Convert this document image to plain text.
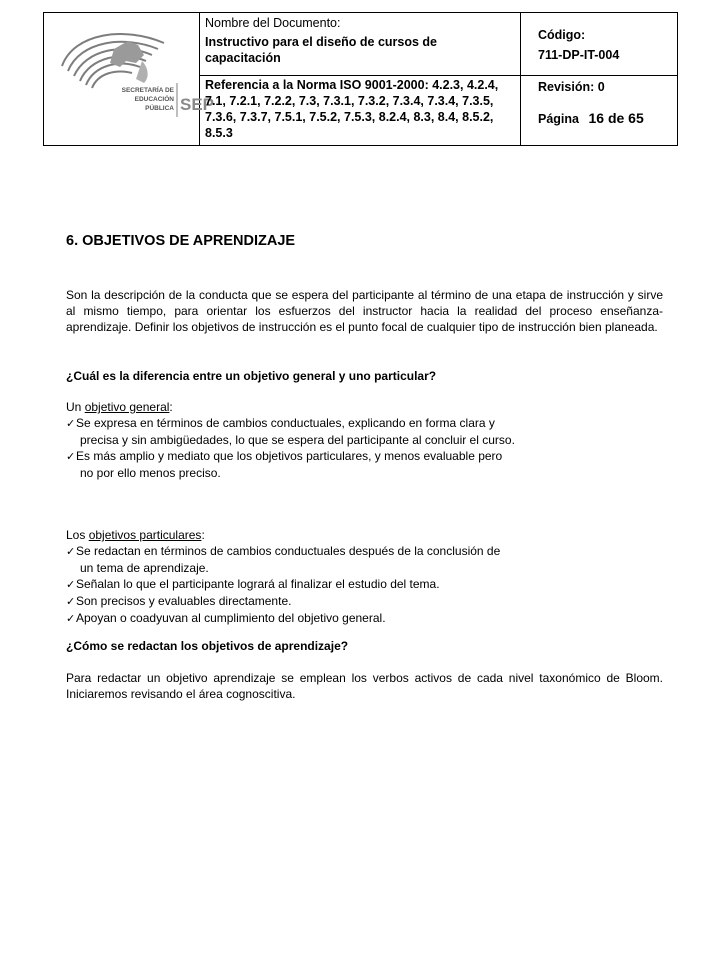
SECRETARÍA DE
EDUCACIÓN
PÚBLICA SEP
Nombre del Documento:
Instructivo para el diseño de cursos de capacitación
Referencia a la Norma ISO 9001-2000: 4.2.3, 4.2.4, 7.1, 7.2.1, 7.2.2, 7.3, 7.3.1, 7.3.2, 7.3.4, 7.3.4, 7.3.5, 7.3.6, 7.3.7, 7.5.1, 7.5.2, 7.5.3, 8.2.4, 8.3, 8.4, 8.5.2, 8.5.3
Código:
711-DP-IT-004
Revisión: 0
Página 16 de 65
6. OBJETIVOS DE APRENDIZAJE

Son la descripción de la conducta que se espera del participante al término de una etapa de instrucción y sirve al mismo tiempo, para orientar los esfuerzos del instructor hacia la realidad del proceso enseñanza- aprendizaje. Definir los objetivos de instrucción es el punto focal de cualquier tipo de instrucción bien planeada.

¿Cuál es la diferencia entre un objetivo general y uno particular?

Un objetivo general:
✓Se expresa en términos de cambios conductuales, explicando en forma clara y
precisa y sin ambigüedades, lo que se espera del participante al concluir el curso.
✓Es más amplio y mediato que los objetivos particulares, y menos evaluable pero
no por ello menos preciso.
Los objetivos particulares:
✓Se redactan en términos de cambios conductuales después de la conclusión de
un tema de aprendizaje.
✓Señalan lo que el participante logrará al finalizar el estudio del tema.
✓Son precisos y evaluables directamente.
✓Apoyan o coadyuvan al cumplimiento del objetivo general.

¿Cómo se redactan los objetivos de aprendizaje?

Para redactar un objetivo aprendizaje se emplean los verbos activos de cada nivel taxonómico de Bloom. Iniciaremos revisando el área cognoscitiva.
